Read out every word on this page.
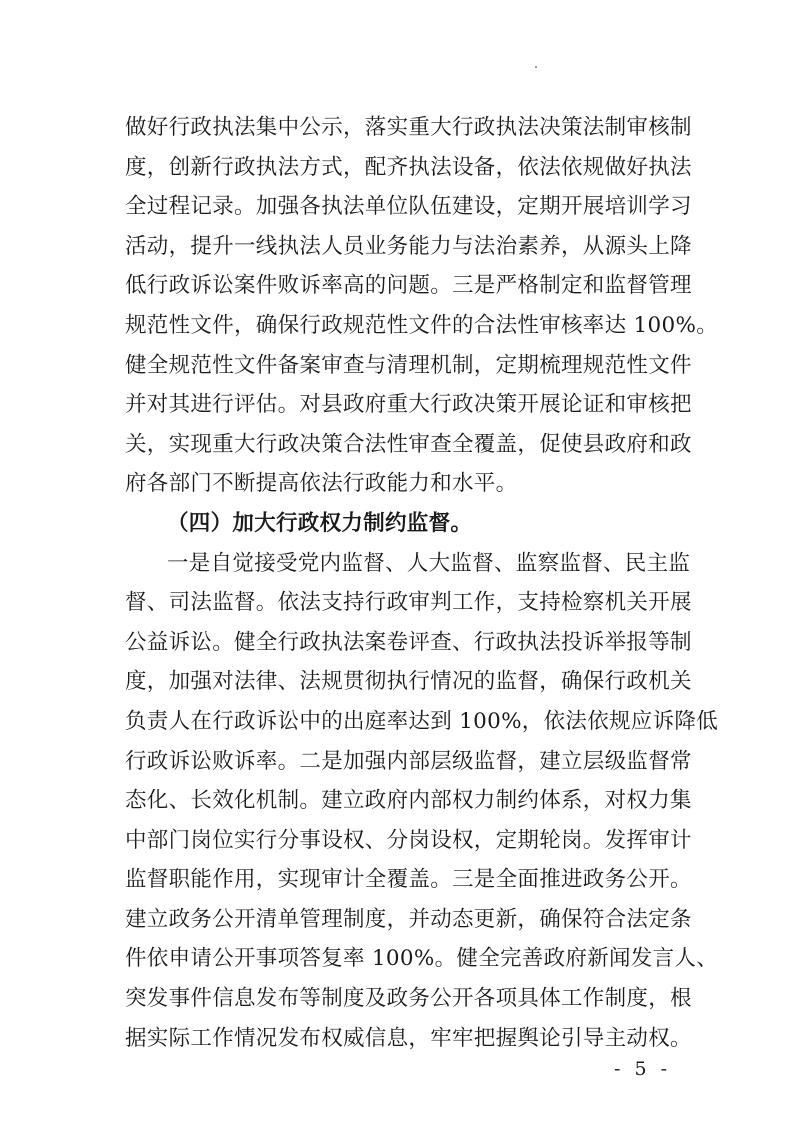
做好行政执法集中公示，落实重大行政执法决策法制审核制
度，创新行政执法方式，配齐执法设备，依法依规做好执法
全过程记录。加强各执法单位队伍建设，定期开展培训学习
活动，提升一线执法人员业务能力与法治素养，从源头上降
低行政诉讼案件败诉率高的问题。三是严格制定和监督管理
规范性文件，确保行政规范性文件的合法性审核率达 100%。
健全规范性文件备案审查与清理机制，定期梳理规范性文件
并对其进行评估。对县政府重大行政决策开展论证和审核把
关，实现重大行政决策合法性审查全覆盖，促使县政府和政
府各部门不断提高依法行政能力和水平。
（四）加大行政权力制约监督。
一是自觉接受党内监督、人大监督、监察监督、民主监
督、司法监督。依法支持行政审判工作，支持检察机关开展
公益诉讼。健全行政执法案卷评查、行政执法投诉举报等制
度，加强对法律、法规贯彻执行情况的监督，确保行政机关
负责人在行政诉讼中的出庭率达到 100%，依法依规应诉降低
行政诉讼败诉率。二是加强内部层级监督，建立层级监督常
态化、长效化机制。建立政府内部权力制约体系，对权力集
中部门岗位实行分事设权、分岗设权，定期轮岗。发挥审计
监督职能作用，实现审计全覆盖。三是全面推进政务公开。
建立政务公开清单管理制度，并动态更新，确保符合法定条
件依申请公开事项答复率 100%。健全完善政府新闻发言人、
突发事件信息发布等制度及政务公开各项具体工作制度，根
据实际工作情况发布权威信息，牢牢把握舆论引导主动权。
- 5 -
